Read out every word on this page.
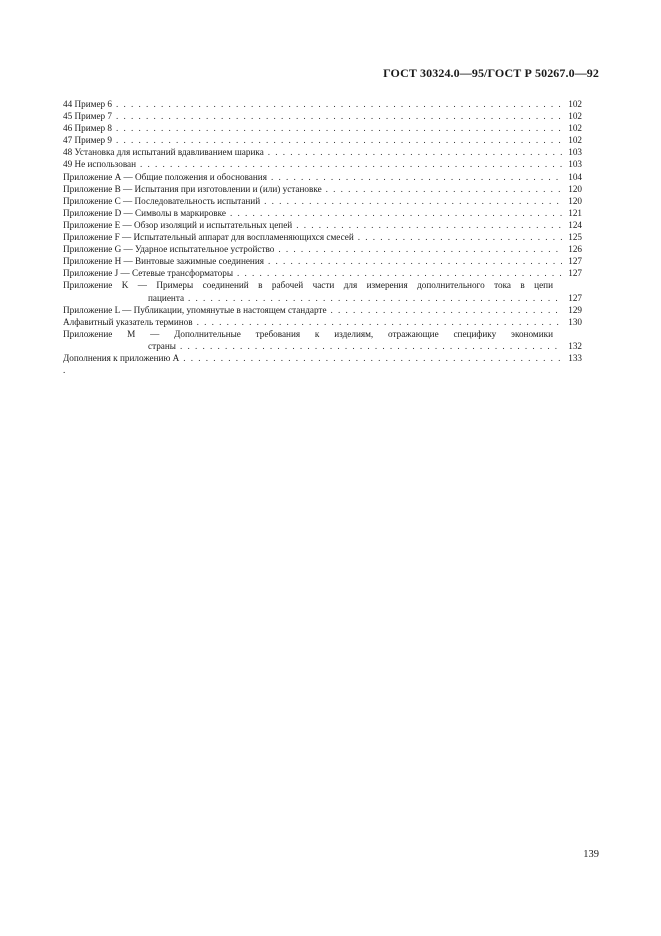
ГОСТ 30324.0—95/ГОСТ Р 50267.0—92
44 Пример 6 .....	102
45 Пример 7 .....	102
46 Пример 8 .....	102
47 Пример 9 .....	102
48 Установка для испытаний вдавливанием шарика .....	103
49 Не использован .....	103
Приложение А — Общие положения и обоснования .....	104
Приложение В — Испытания при изготовлении и (или) установке .....	120
Приложение С — Последовательность испытаний .....	120
Приложение D — Символы в маркировке .....	121
Приложение Е — Обзор изоляций и испытательных цепей .....	124
Приложение F — Испытательный аппарат для воспламеняющихся смесей .....	125
Приложение G — Ударное испытательное устройство .....	126
Приложение Н — Винтовые зажимные соединения .....	127
Приложение J — Сетевые трансформаторы .....	127
Приложение K — Примеры соединений в рабочей части для измерения дополнительного тока в цепи
пациента .....	127
Приложение L — Публикации, упомянутые в настоящем стандарте .....	129
Алфавитный указатель терминов .....	130
Приложение М — Дополнительные требования к изделиям, отражающие специфику экономики
страны .....	132
Дополнения к приложению А .....	133
.
139
